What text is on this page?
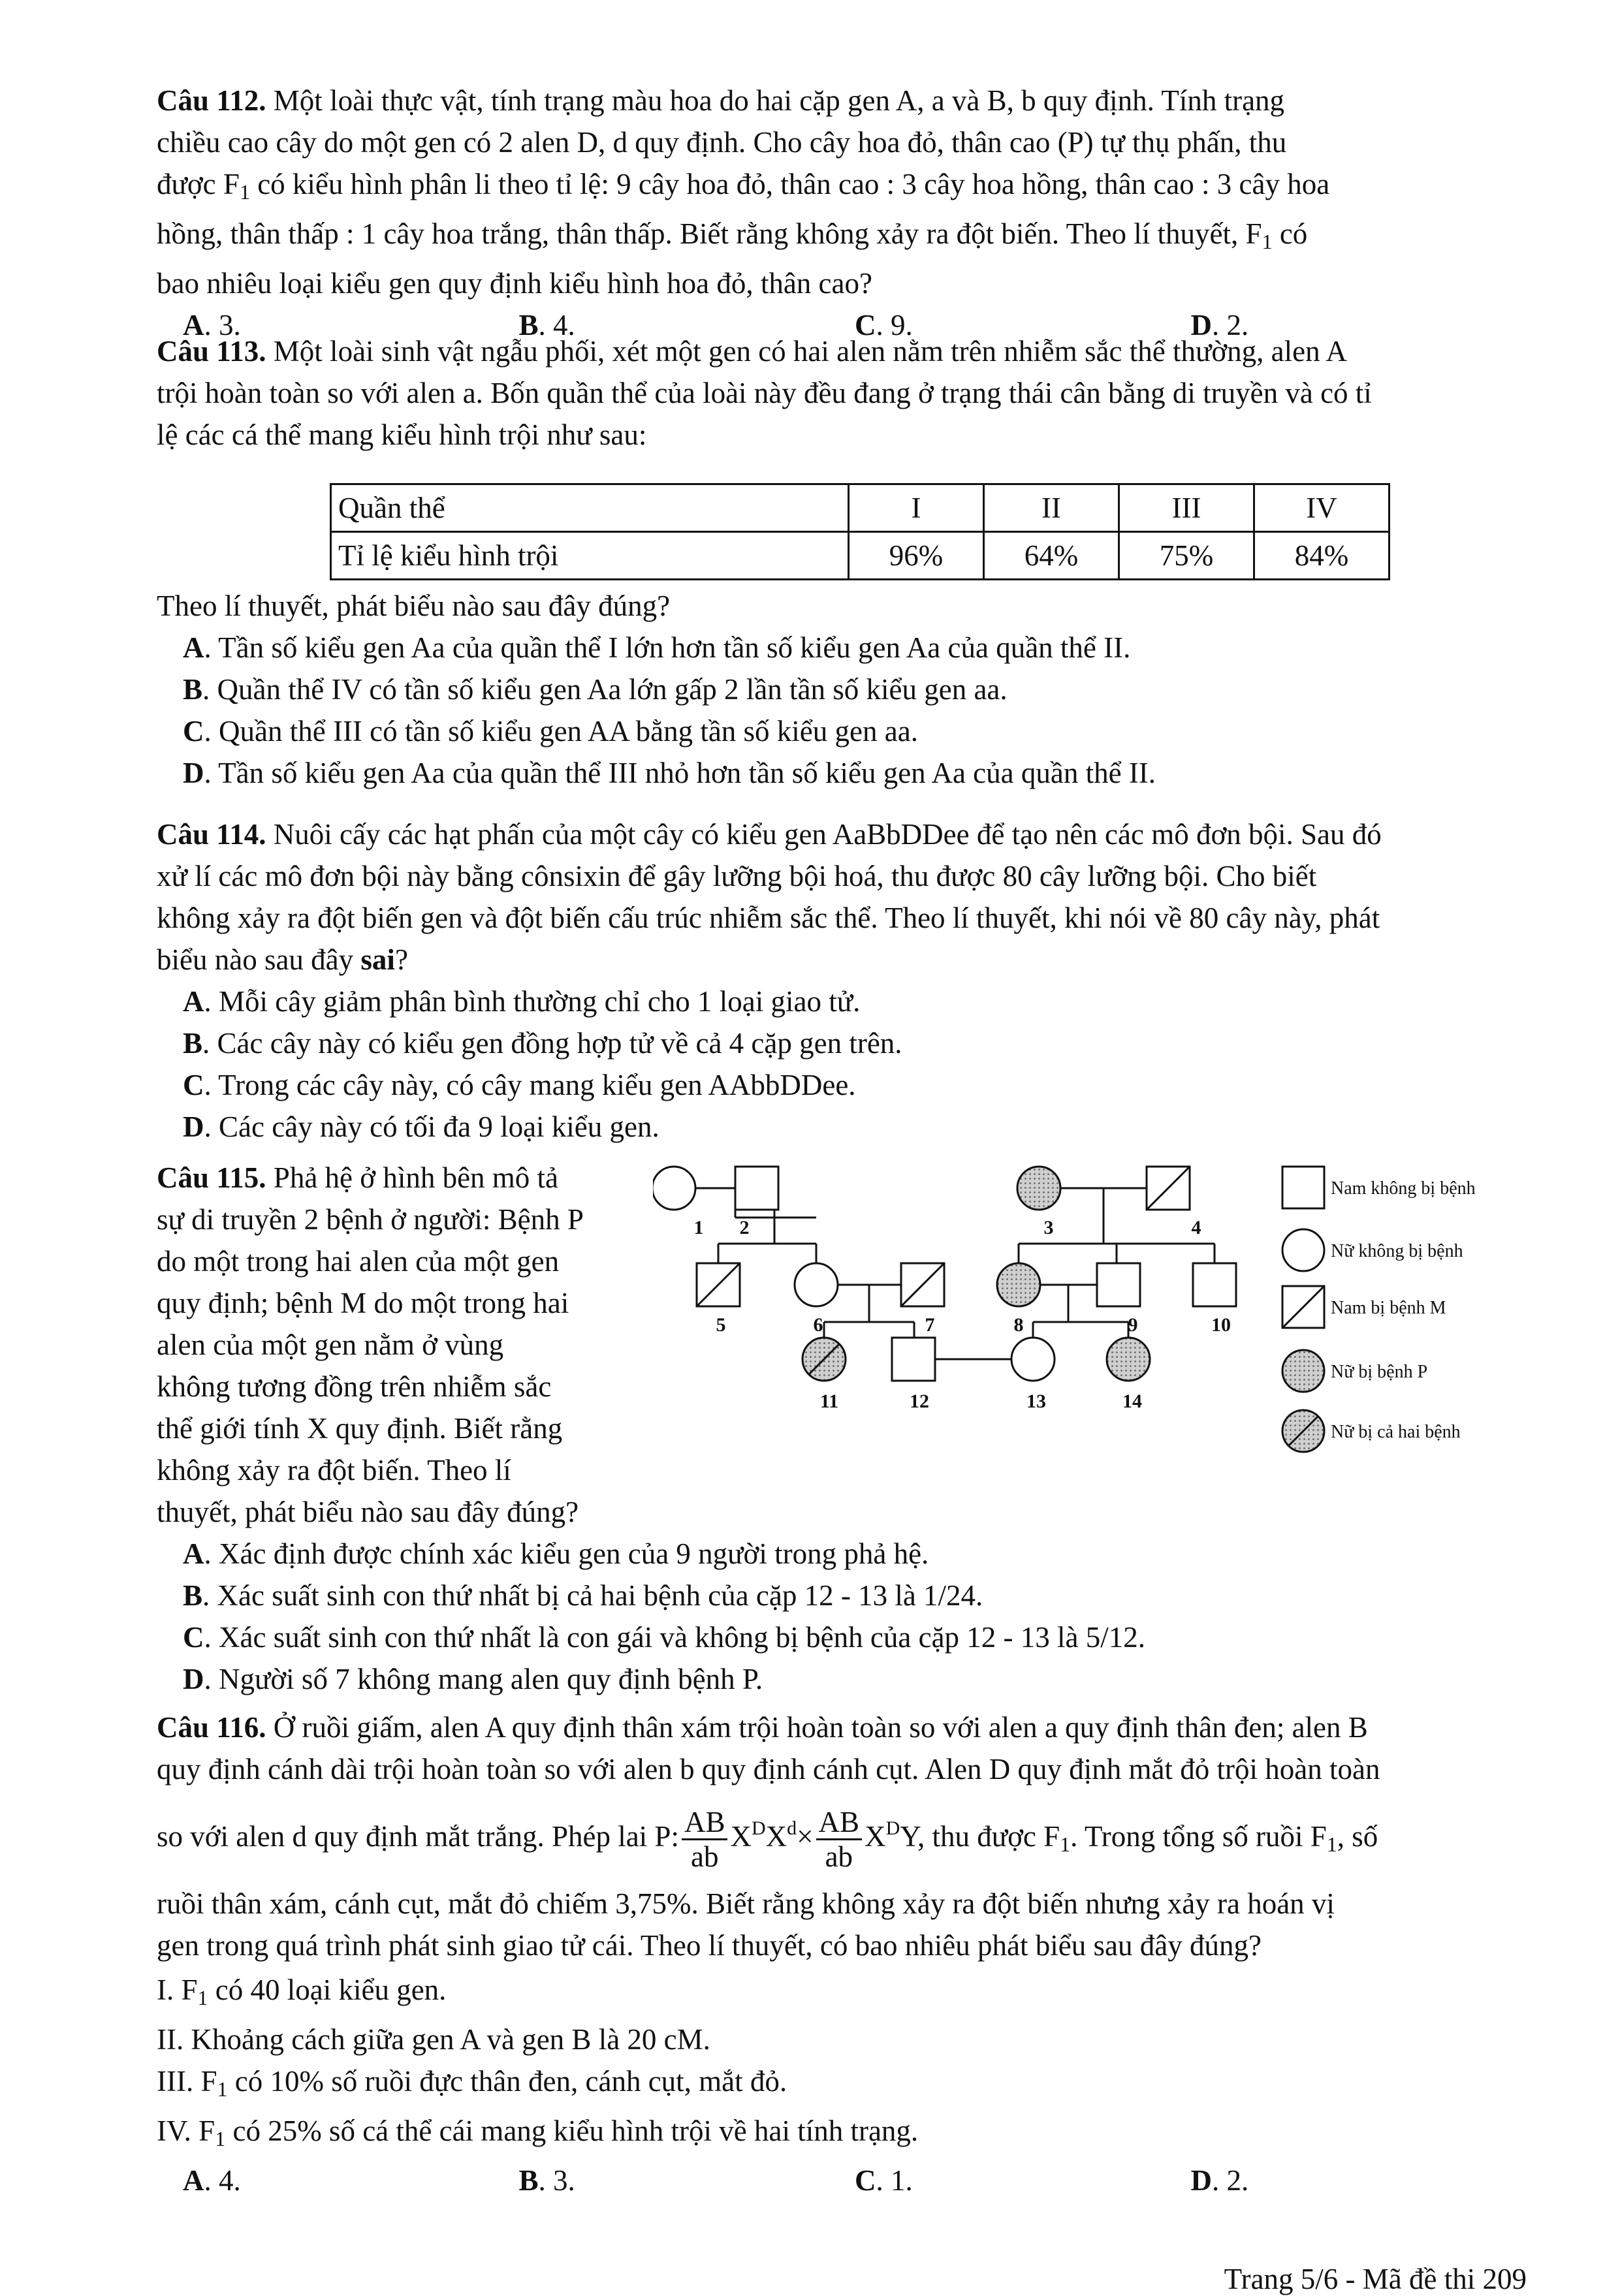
Câu 112. Một loài thực vật, tính trạng màu hoa do hai cặp gen A, a và B, b quy định. Tính trạng

chiều cao cây do một gen có 2 alen D, d quy định. Cho cây hoa đỏ, thân cao (P) tự thụ phấn, thu

được $F_1$ có kiểu hình phân li theo tỉ lệ: 9 cây hoa đỏ, thân cao : 3 cây hoa hồng, thân cao : 3 cây hoa

hồng, thân thấp : 1 cây hoa trắng, thân thấp. Biết rằng không xảy ra đột biến. Theo lí thuyết, $F_1$ có

bao nhiêu loại kiểu gen quy định kiểu hình hoa đỏ, thân cao?

A. 3.	B. 4.	C. 9.	D. 2.

Câu 113. Một loài sinh vật ngẫu phối, xét một gen có hai alen nằm trên nhiễm sắc thể thường, alen A

trội hoàn toàn so với alen a. Bốn quần thể của loài này đều đang ở trạng thái cân bằng di truyền và có tỉ

lệ các cá thể mang kiểu hình trội như sau:

Quần thể	I	II	III	IV
Tỉ lệ kiểu hình trội	96%	64%	75%	84%

Theo lí thuyết, phát biểu nào sau đây đúng?

A. Tần số kiểu gen Aa của quần thể I lớn hơn tần số kiểu gen Aa của quần thể II.

B. Quần thể IV có tần số kiểu gen Aa lớn gấp 2 lần tần số kiểu gen aa.

C. Quần thể III có tần số kiểu gen AA bằng tần số kiểu gen aa.

D. Tần số kiểu gen Aa của quần thể III nhỏ hơn tần số kiểu gen Aa của quần thể II.

Câu 114. Nuôi cấy các hạt phấn của một cây có kiểu gen AaBbDDee để tạo nên các mô đơn bội. Sau đó

xử lí các mô đơn bội này bằng cônsixin để gây lưỡng bội hoá, thu được 80 cây lưỡng bội. Cho biết

không xảy ra đột biến gen và đột biến cấu trúc nhiễm sắc thể. Theo lí thuyết, khi nói về 80 cây này, phát

biểu nào sau đây sai?

A. Mỗi cây giảm phân bình thường chỉ cho 1 loại giao tử.

B. Các cây này có kiểu gen đồng hợp tử về cả 4 cặp gen trên.

C. Trong các cây này, có cây mang kiểu gen AAbbDDee.

D. Các cây này có tối đa 9 loại kiểu gen.

Câu 115. Phả hệ ở hình bên mô tả

sự di truyền 2 bệnh ở người: Bệnh P

do một trong hai alen của một gen

quy định; bệnh M do một trong hai

alen của một gen nằm ở vùng

không tương đồng trên nhiễm sắc

thể giới tính X quy định. Biết rằng

không xảy ra đột biến. Theo lí

thuyết, phát biểu nào sau đây đúng?

1 2	3	4
5	6	7	8	9	10
11	12	13	14
Nam không bị bệnh
Nữ không bị bệnh
Nam bị bệnh M
Nữ bị bệnh P
Nữ bị cả hai bệnh

A. Xác định được chính xác kiểu gen của 9 người trong phả hệ.

B. Xác suất sinh con thứ nhất bị cả hai bệnh của cặp 12 - 13 là 1/24.

C. Xác suất sinh con thứ nhất là con gái và không bị bệnh của cặp 12 - 13 là 5/12.

D. Người số 7 không mang alen quy định bệnh P.

Câu 116. Ở ruồi giấm, alen A quy định thân xám trội hoàn toàn so với alen a quy định thân đen; alen B

quy định cánh dài trội hoàn toàn so với alen b quy định cánh cụt. Alen D quy định mắt đỏ trội hoàn toàn

so với alen d quy định mắt trắng. Phép lai P: $\frac{AB}{ab} X^DX^d\times \frac{AB}{ab} X^DY$, thu được $F_1$. Trong tổng số ruồi $F_1$, số

ruồi thân xám, cánh cụt, mắt đỏ chiếm 3,75%. Biết rằng không xảy ra đột biến nhưng xảy ra hoán vị

gen trong quá trình phát sinh giao tử cái. Theo lí thuyết, có bao nhiêu phát biểu sau đây đúng?

I. $F_1$ có 40 loại kiểu gen.

II. Khoảng cách giữa gen A và gen B là 20 cM.

III. $F_1$ có 10% số ruồi đực thân đen, cánh cụt, mắt đỏ.

IV. $F_1$ có 25% số cá thể cái mang kiểu hình trội về hai tính trạng.

A. 4.	B. 3.	C. 1.	D. 2.
Trang 5/6 - Mã đề thi 209
